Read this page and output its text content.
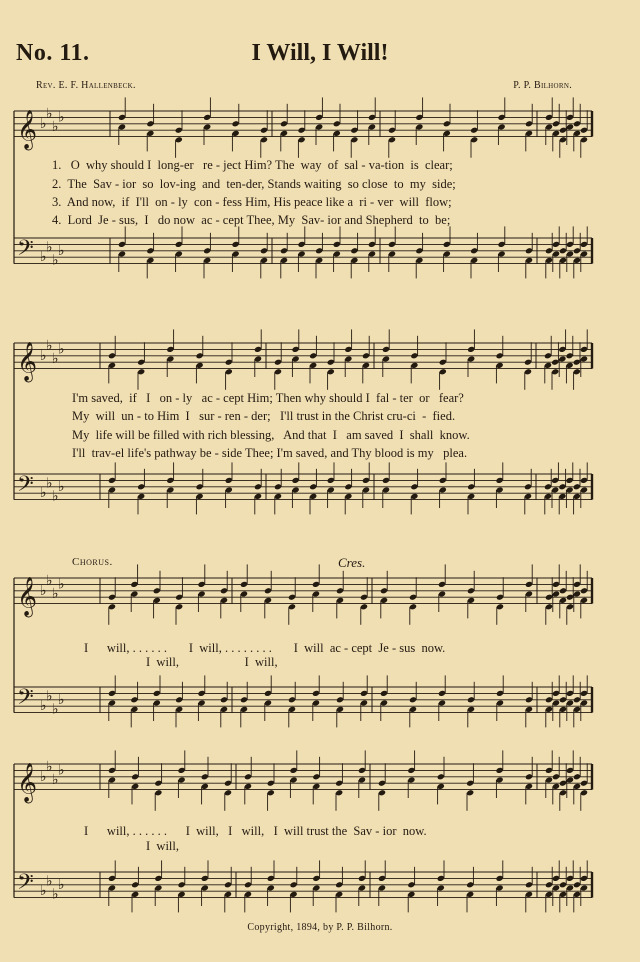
𝄞
𝄢
♭
♭
♭
♭
♭
♭
♭
♭
𝄞
𝄢
♭
♭
♭
♭
♭
♭
♭
♭
𝄞
𝄢
♭
♭
♭
♭
♭
♭
♭
♭
𝄞
𝄢
♭
♭
♭
♭
♭
♭
♭
♭
No. 11.	I Will, I Will!
Rev. E. F. Hallenbeck.	P. P. Bilhorn.
1.   O  why should I  long-er   re - ject Him? The  way  of  sal - va-tion  is  clear;
2.  The  Sav - ior  so  lov-ing  and  ten-der, Stands waiting  so close  to  my  side;
3.  And now,  if  I'll  on - ly  con - fess Him, His peace like a  ri - ver  will  flow;
4.  Lord  Je - sus,  I   do now  ac - cept Thee, My  Sav- ior and Shepherd  to  be;
I'm saved,  if   I   on - ly   ac - cept Him; Then why should I  fal - ter  or   fear?
My  will  un - to Him  I   sur - ren - der;   I'll trust in the Christ cru-ci  -  fied.
My  life will be filled with rich blessing,   And that  I   am saved  I  shall  know.
I'll  trav-el life's pathway be - side Thee; I'm saved, and Thy blood is my   plea.
Chorus.	Cres.
I      will, . . . . . .       I  will, . . . . . . . .       I  will  ac - cept  Je - sus  now.
I  will,                     I  will,
I      will, . . . . . .      I  will,   I   will,   I  will trust the  Sav - ior  now.
I  will,
Copyright, 1894, by P. P. Bilhorn.
